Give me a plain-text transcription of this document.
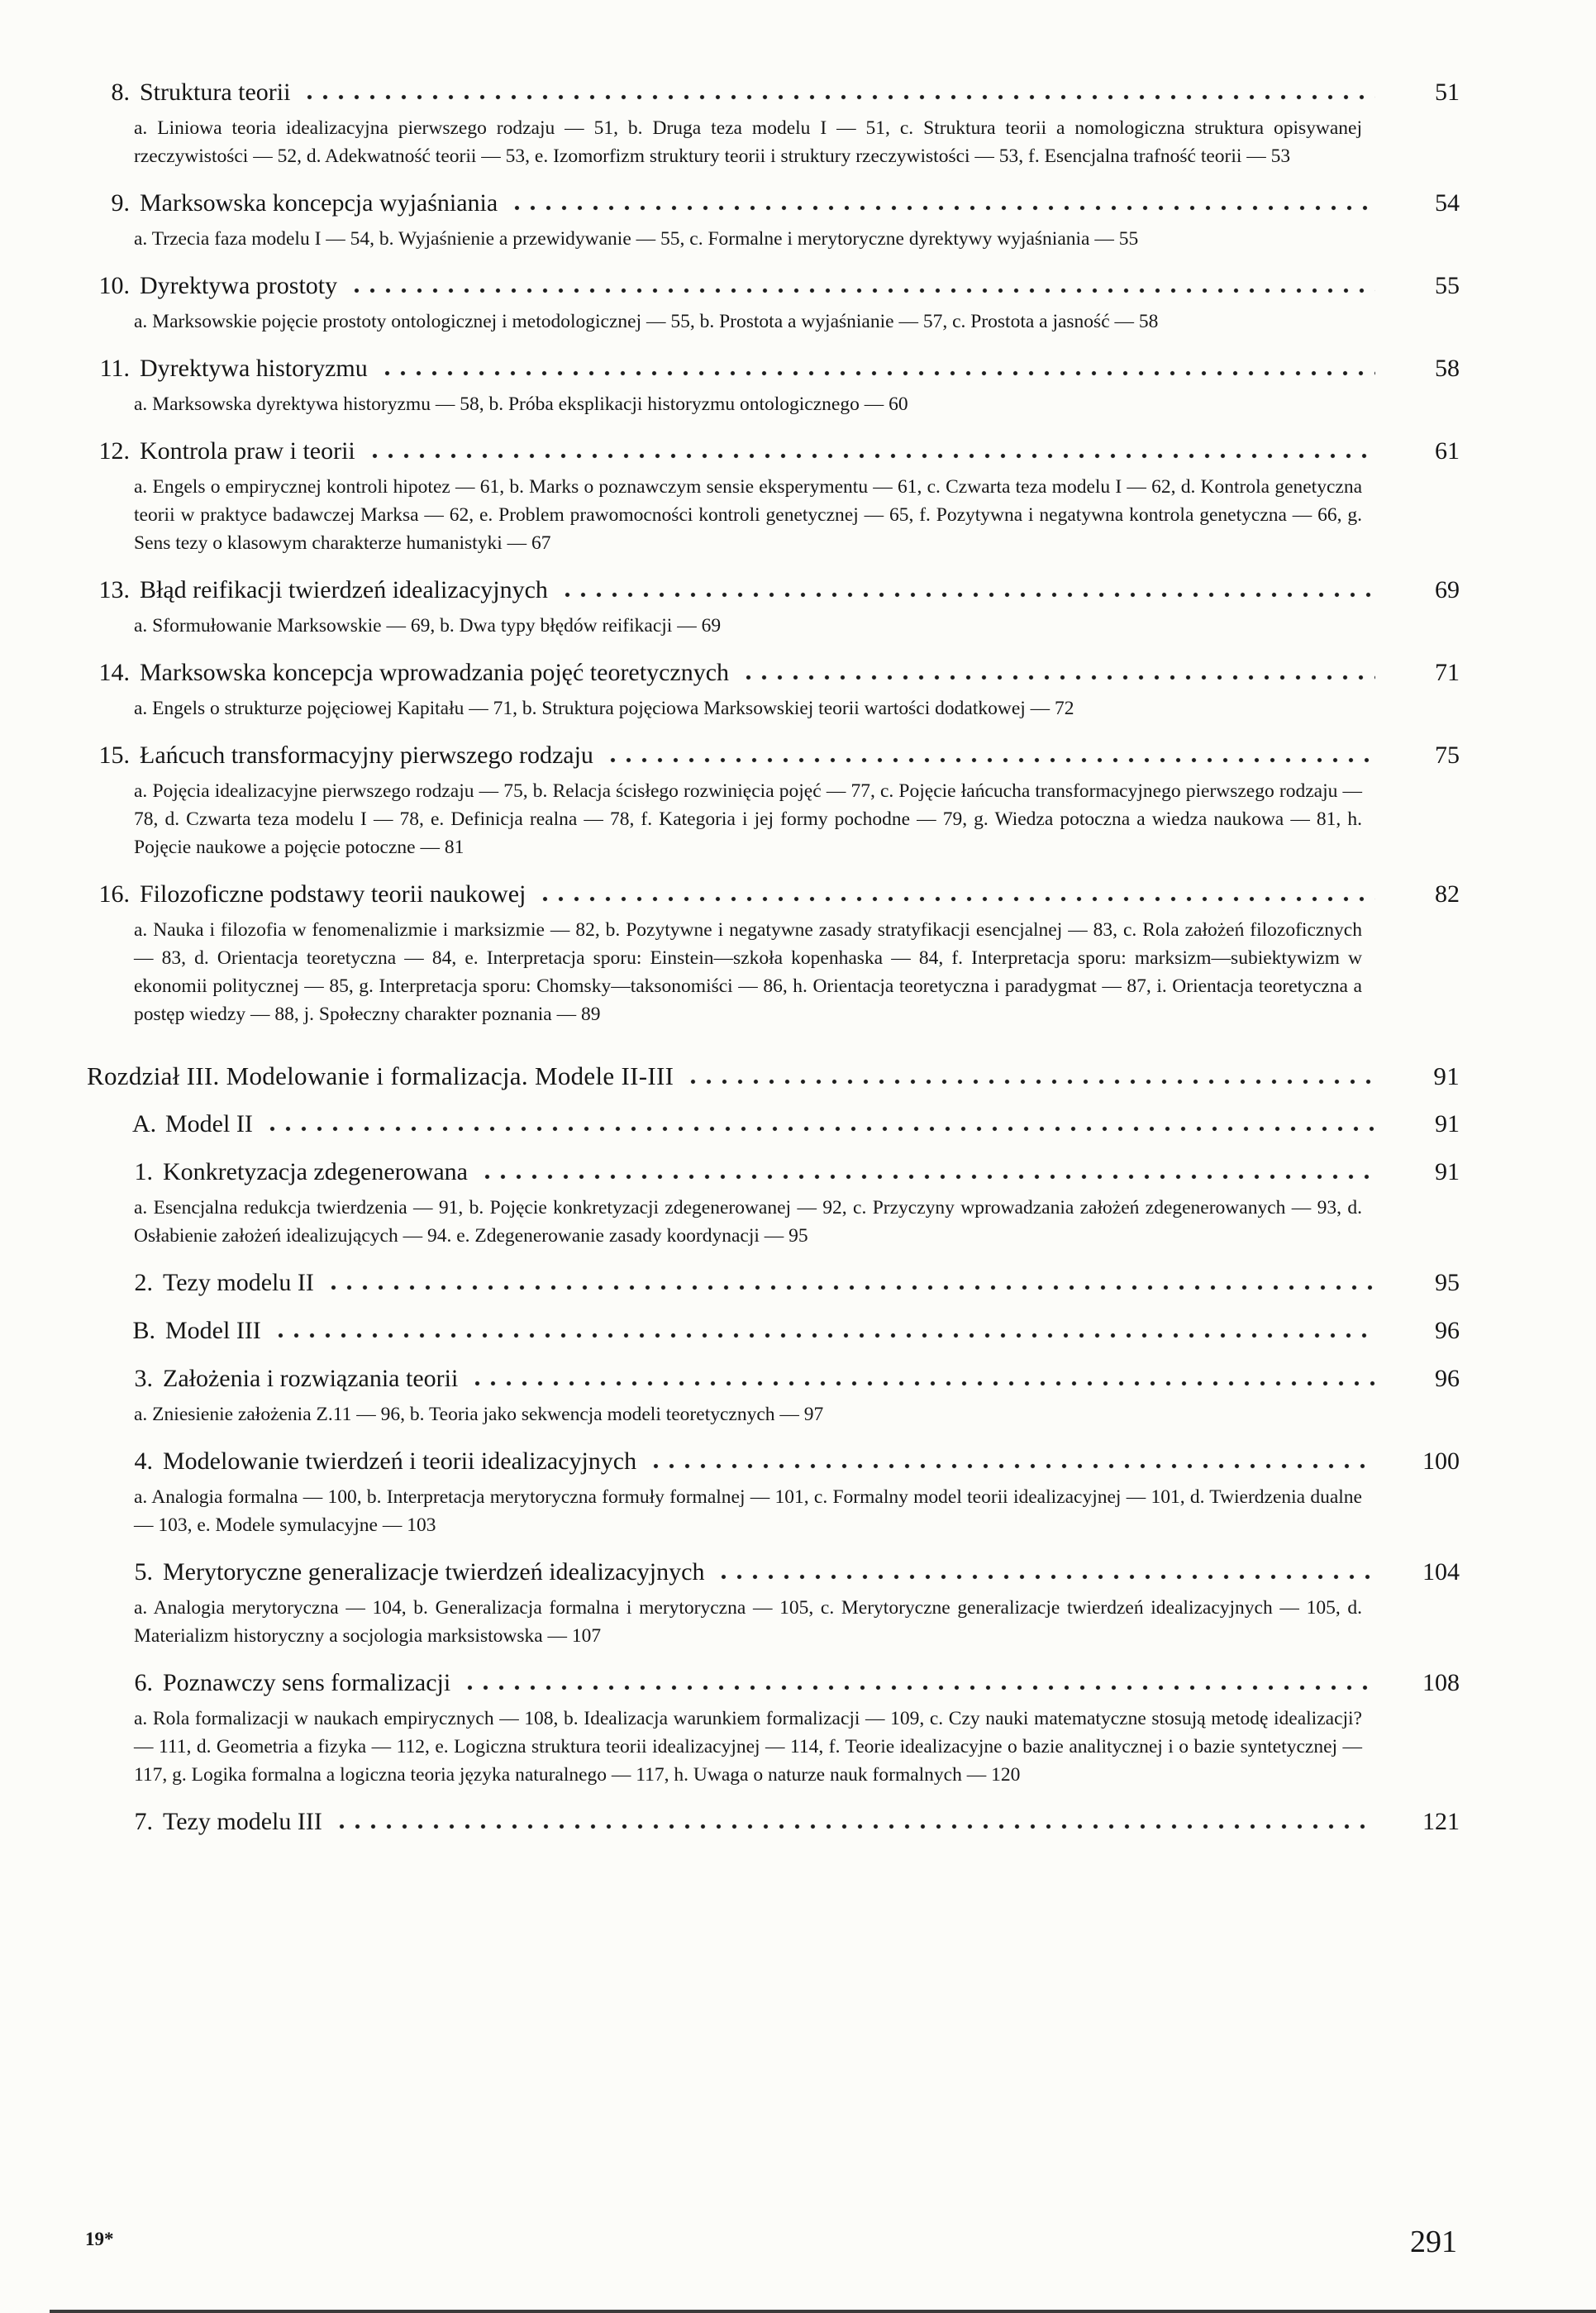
8. Struktura teorii	51

a. Liniowa teoria idealizacyjna pierwszego rodzaju — 51, b. Druga teza modelu I — 51, c. Struktura teorii a nomologiczna struktura opisywanej rzeczywistości — 52, d. Adekwatność teorii — 53, e. Izomorfizm struktury teorii i struktury rzeczywistości — 53, f. Esencjalna trafność teorii — 53

9. Marksowska koncepcja wyjaśniania	54

a. Trzecia faza modelu I — 54, b. Wyjaśnienie a przewidywanie — 55, c. Formalne i merytoryczne dyrektywy wyjaśniania — 55

10. Dyrektywa prostoty	55

a. Marksowskie pojęcie prostoty ontologicznej i metodologicznej — 55, b. Prostota a wyjaśnianie — 57, c. Prostota a jasność — 58

11. Dyrektywa historyzmu	58

a. Marksowska dyrektywa historyzmu — 58, b. Próba eksplikacji historyzmu ontologicznego — 60

12. Kontrola praw i teorii	61

a. Engels o empirycznej kontroli hipotez — 61, b. Marks o poznawczym sensie eksperymentu — 61, c. Czwarta teza modelu I — 62, d. Kontrola genetyczna teorii w praktyce badawczej Marksa — 62, e. Problem prawomocności kontroli genetycznej — 65, f. Pozytywna i negatywna kontrola genetyczna — 66, g. Sens tezy o klasowym charakterze humanistyki — 67

13. Błąd reifikacji twierdzeń idealizacyjnych	69

a. Sformułowanie Marksowskie — 69, b. Dwa typy błędów reifikacji — 69

14. Marksowska koncepcja wprowadzania pojęć teoretycznych	71

a. Engels o strukturze pojęciowej Kapitału — 71, b. Struktura pojęciowa Marksowskiej teorii wartości dodatkowej — 72

15. Łańcuch transformacyjny pierwszego rodzaju	75

a. Pojęcia idealizacyjne pierwszego rodzaju — 75, b. Relacja ścisłego rozwinięcia pojęć — 77, c. Pojęcie łańcucha transformacyjnego pierwszego rodzaju — 78, d. Czwarta teza modelu I — 78, e. Definicja realna — 78, f. Kategoria i jej formy pochodne — 79, g. Wiedza potoczna a wiedza naukowa — 81, h. Pojęcie naukowe a pojęcie potoczne — 81

16. Filozoficzne podstawy teorii naukowej	82

a. Nauka i filozofia w fenomenalizmie i marksizmie — 82, b. Pozytywne i negatywne zasady stratyfikacji esencjalnej — 83, c. Rola założeń filozoficznych — 83, d. Orientacja teoretyczna — 84, e. Interpretacja sporu: Einstein—szkoła kopenhaska — 84, f. Interpretacja sporu: marksizm—subiektywizm w ekonomii politycznej — 85, g. Interpretacja sporu: Chomsky—taksonomiści — 86, h. Orientacja teoretyczna i paradygmat — 87, i. Orientacja teoretyczna a postęp wiedzy — 88, j. Społeczny charakter poznania — 89

Rozdział III. Modelowanie i formalizacja. Modele II-III	91
A. Model II	91
1. Konkretyzacja zdegenerowana	91

a. Esencjalna redukcja twierdzenia — 91, b. Pojęcie konkretyzacji zdegenerowanej — 92, c. Przyczyny wprowadzania założeń zdegenerowanych — 93, d. Osłabienie założeń idealizujących — 94. e. Zdegenerowanie zasady koordynacji — 95

2. Tezy modelu II	95
B. Model III	96
3. Założenia i rozwiązania teorii	96

a. Zniesienie założenia Z.11 — 96, b. Teoria jako sekwencja modeli teoretycznych — 97

4. Modelowanie twierdzeń i teorii idealizacyjnych	100

a. Analogia formalna — 100, b. Interpretacja merytoryczna formuły formalnej — 101, c. Formalny model teorii idealizacyjnej — 101, d. Twierdzenia dualne — 103, e. Modele symulacyjne — 103

5. Merytoryczne generalizacje twierdzeń idealizacyjnych	104

a. Analogia merytoryczna — 104, b. Generalizacja formalna i merytoryczna — 105, c. Merytoryczne generalizacje twierdzeń idealizacyjnych — 105, d. Materializm historyczny a socjologia marksistowska — 107

6. Poznawczy sens formalizacji	108

a. Rola formalizacji w naukach empirycznych — 108, b. Idealizacja warunkiem formalizacji — 109, c. Czy nauki matematyczne stosują metodę idealizacji? — 111, d. Geometria a fizyka — 112, e. Logiczna struktura teorii idealizacyjnej — 114, f. Teorie idealizacyjne o bazie analitycznej i o bazie syntetycznej — 117, g. Logika formalna a logiczna teoria języka naturalnego — 117, h. Uwaga o naturze nauk formalnych — 120

7. Tezy modelu III	121
19*	291
